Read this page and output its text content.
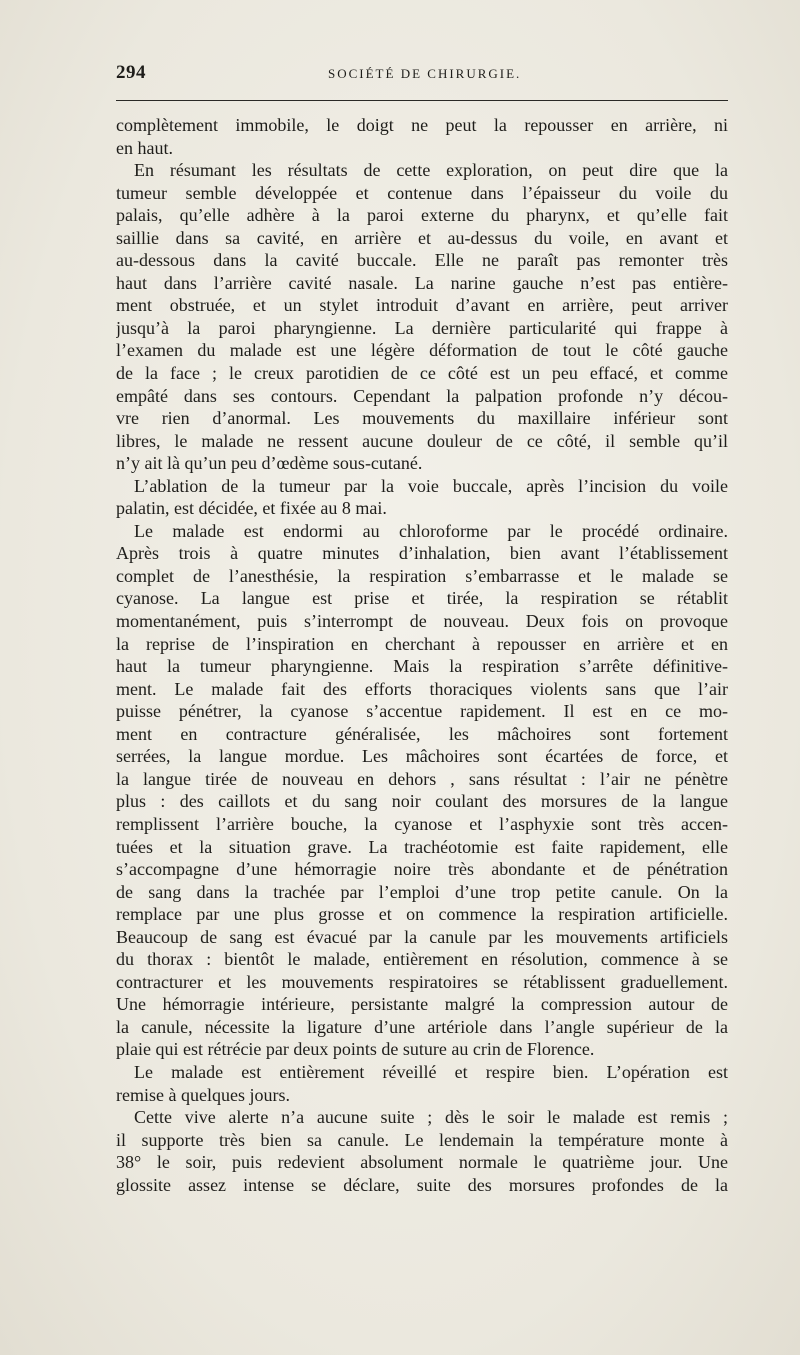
294	SOCIÉTÉ DE CHIRURGIE.
complètement immobile, le doigt ne peut la repousser en arrière, ni
en haut.
En résumant les résultats de cette exploration, on peut dire que la
tumeur semble développée et contenue dans l’épaisseur du voile du
palais, qu’elle adhère à la paroi externe du pharynx, et qu’elle fait
saillie dans sa cavité, en arrière et au-dessus du voile, en avant et
au-dessous dans la cavité buccale. Elle ne paraît pas remonter très
haut dans l’arrière cavité nasale. La narine gauche n’est pas entière-
ment obstruée, et un stylet introduit d’avant en arrière, peut arriver
jusqu’à la paroi pharyngienne. La dernière particularité qui frappe à
l’examen du malade est une légère déformation de tout le côté gauche
de la face ; le creux parotidien de ce côté est un peu effacé, et comme
empâté dans ses contours. Cependant la palpation profonde n’y décou-
vre rien d’anormal. Les mouvements du maxillaire inférieur sont
libres, le malade ne ressent aucune douleur de ce côté, il semble qu’il
n’y ait là qu’un peu d’œdème sous-cutané.
L’ablation de la tumeur par la voie buccale, après l’incision du voile
palatin, est décidée, et fixée au 8 mai.
Le malade est endormi au chloroforme par le procédé ordinaire.
Après trois à quatre minutes d’inhalation, bien avant l’établissement
complet de l’anesthésie, la respiration s’embarrasse et le malade se
cyanose. La langue est prise et tirée, la respiration se rétablit
momentanément, puis s’interrompt de nouveau. Deux fois on provoque
la reprise de l’inspiration en cherchant à repousser en arrière et en
haut la tumeur pharyngienne. Mais la respiration s’arrête définitive-
ment. Le malade fait des efforts thoraciques violents sans que l’air
puisse pénétrer, la cyanose s’accentue rapidement. Il est en ce mo-
ment en contracture généralisée, les mâchoires sont fortement
serrées, la langue mordue. Les mâchoires sont écartées de force, et
la langue tirée de nouveau en dehors , sans résultat : l’air ne pénètre
plus : des caillots et du sang noir coulant des morsures de la langue
remplissent l’arrière bouche, la cyanose et l’asphyxie sont très accen-
tuées et la situation grave. La trachéotomie est faite rapidement, elle
s’accompagne d’une hémorragie noire très abondante et de pénétration
de sang dans la trachée par l’emploi d’une trop petite canule. On la
remplace par une plus grosse et on commence la respiration artificielle.
Beaucoup de sang est évacué par la canule par les mouvements artificiels
du thorax : bientôt le malade, entièrement en résolution, commence à se
contracturer et les mouvements respiratoires se rétablissent graduellement.
Une hémorragie intérieure, persistante malgré la compression autour de
la canule, nécessite la ligature d’une artériole dans l’angle supérieur de la
plaie qui est rétrécie par deux points de suture au crin de Florence.
Le malade est entièrement réveillé et respire bien. L’opération est
remise à quelques jours.
Cette vive alerte n’a aucune suite ; dès le soir le malade est remis ;
il supporte très bien sa canule. Le lendemain la température monte à
38° le soir, puis redevient absolument normale le quatrième jour. Une
glossite assez intense se déclare, suite des morsures profondes de la
